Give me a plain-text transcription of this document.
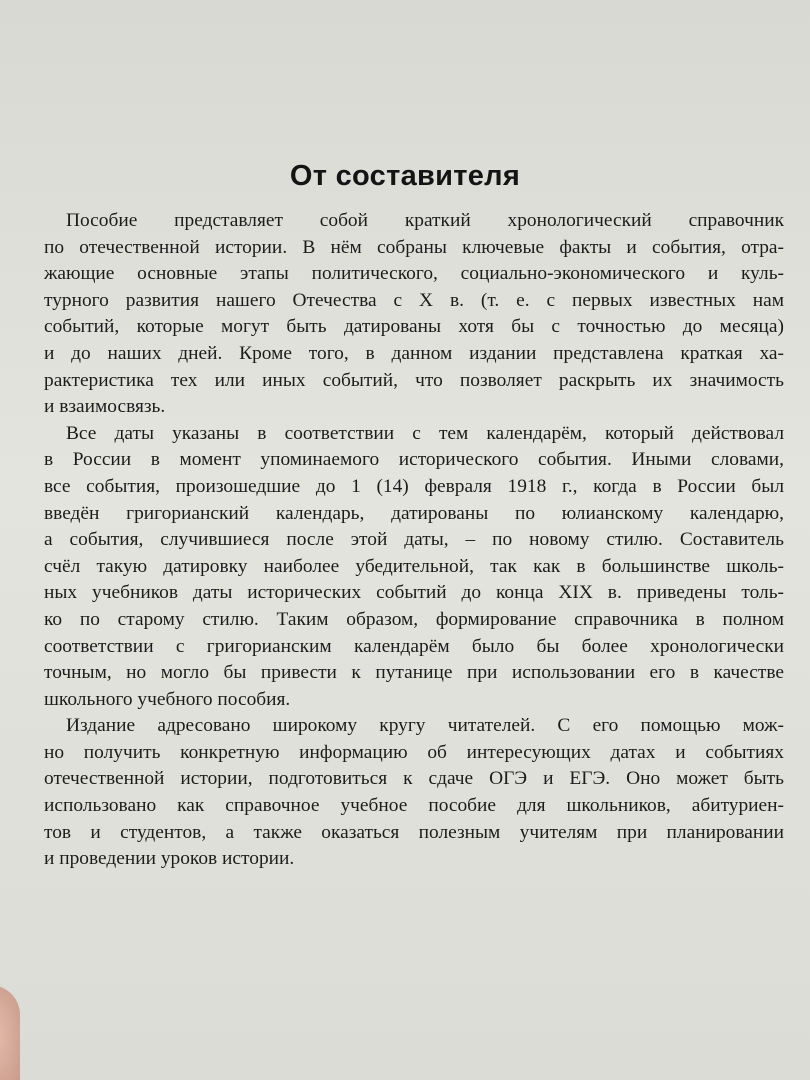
От составителя

Пособие представляет собой краткий хронологический справочник
по отечественной истории. В нём собраны ключевые факты и события, отра-
жающие основные этапы политического, социально-экономического и куль-
турного развития нашего Отечества с X в. (т. е. с первых известных нам
событий, которые могут быть датированы хотя бы с точностью до месяца)
и до наших дней. Кроме того, в данном издании представлена краткая ха-
рактеристика тех или иных событий, что позволяет раскрыть их значимость
и взаимосвязь.

Все даты указаны в соответствии с тем календарём, который действовал
в России в момент упоминаемого исторического события. Иными словами,
все события, произошедшие до 1 (14) февраля 1918 г., когда в России был
введён григорианский календарь, датированы по юлианскому календарю,
а события, случившиеся после этой даты, – по новому стилю. Составитель
счёл такую датировку наиболее убедительной, так как в большинстве школь-
ных учебников даты исторических событий до конца XIX в. приведены толь-
ко по старому стилю. Таким образом, формирование справочника в полном
соответствии с григорианским календарём было бы более хронологически
точным, но могло бы привести к путанице при использовании его в качестве
школьного учебного пособия.

Издание адресовано широкому кругу читателей. С его помощью мож-
но получить конкретную информацию об интересующих датах и событиях
отечественной истории, подготовиться к сдаче ОГЭ и ЕГЭ. Оно может быть
использовано как справочное учебное пособие для школьников, абитуриен-
тов и студентов, а также оказаться полезным учителям при планировании
и проведении уроков истории.
